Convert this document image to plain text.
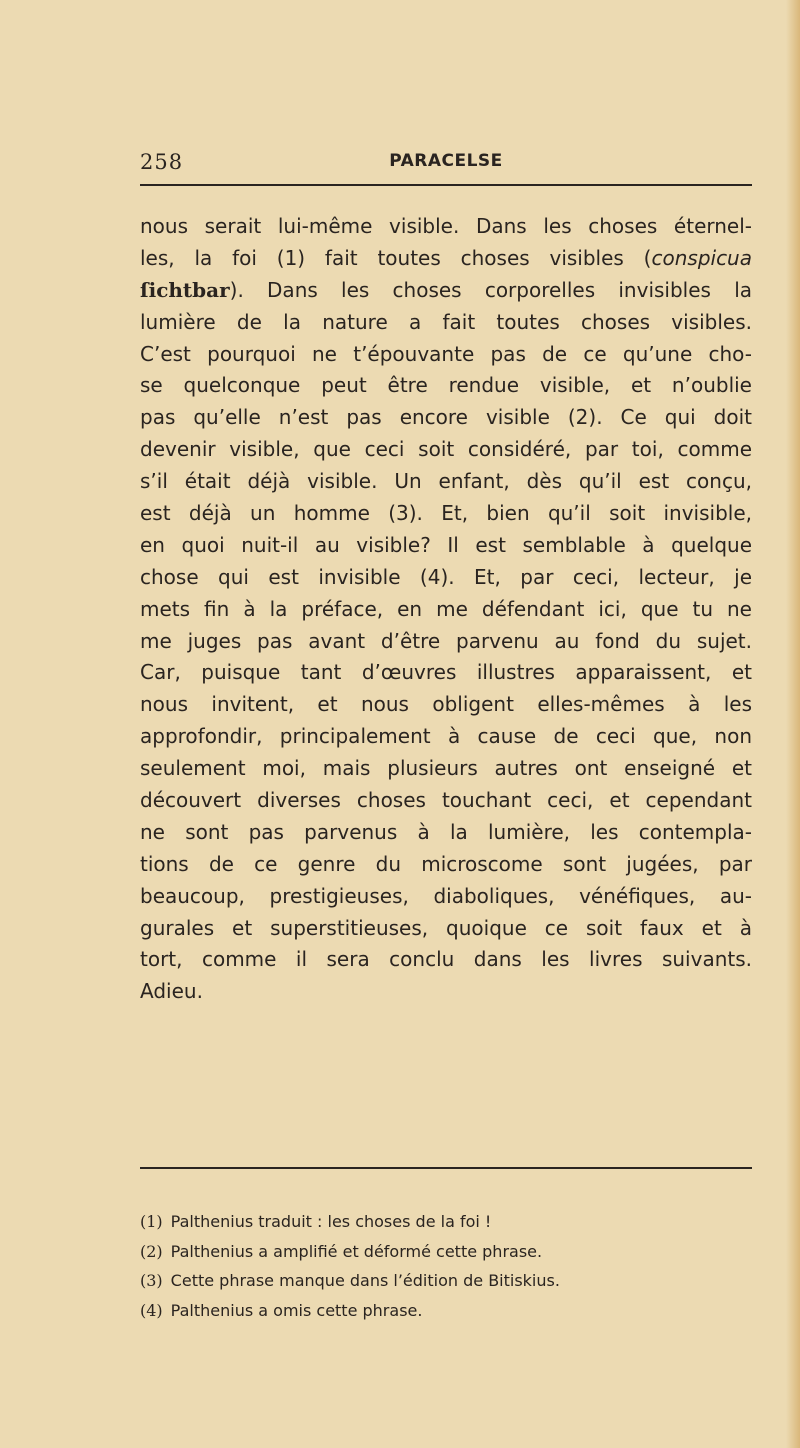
258	PARACELSE
nous serait lui-même visible. Dans les choses éternel-
les, la foi (1) fait toutes choses visibles (conspicua
ſichtbar). Dans les choses corporelles invisibles la
lumière de la nature a fait toutes choses visibles.
C’est pourquoi ne t’épouvante pas de ce qu’une cho-
se quelconque peut être rendue visible, et n’oublie
pas qu’elle n’est pas encore visible (2). Ce qui doit
devenir visible, que ceci soit considéré, par toi, comme
s’il était déjà visible. Un enfant, dès qu’il est conçu,
est déjà un homme (3). Et, bien qu’il soit invisible,
en quoi nuit-il au visible? Il est semblable à quelque
chose qui est invisible (4). Et, par ceci, lecteur, je
mets fin à la préface, en me défendant ici, que tu ne
me juges pas avant d’être parvenu au fond du sujet.
Car, puisque tant d’œuvres illustres apparaissent, et
nous invitent, et nous obligent elles-mêmes à les
approfondir, principalement à cause de ceci que, non
seulement moi, mais plusieurs autres ont enseigné et
découvert diverses choses touchant ceci, et cependant
ne sont pas parvenus à la lumière, les contempla-
tions de ce genre du microscome sont jugées, par
beaucoup, prestigieuses, diaboliques, vénéfiques, au-
gurales et superstitieuses, quoique ce soit faux et à
tort, comme il sera conclu dans les livres suivants.
Adieu.
(1) Palthenius traduit : les choses de la foi !
(2) Palthenius a amplifié et déformé cette phrase.
(3) Cette phrase manque dans l’édition de Bitiskius.
(4) Palthenius a omis cette phrase.
